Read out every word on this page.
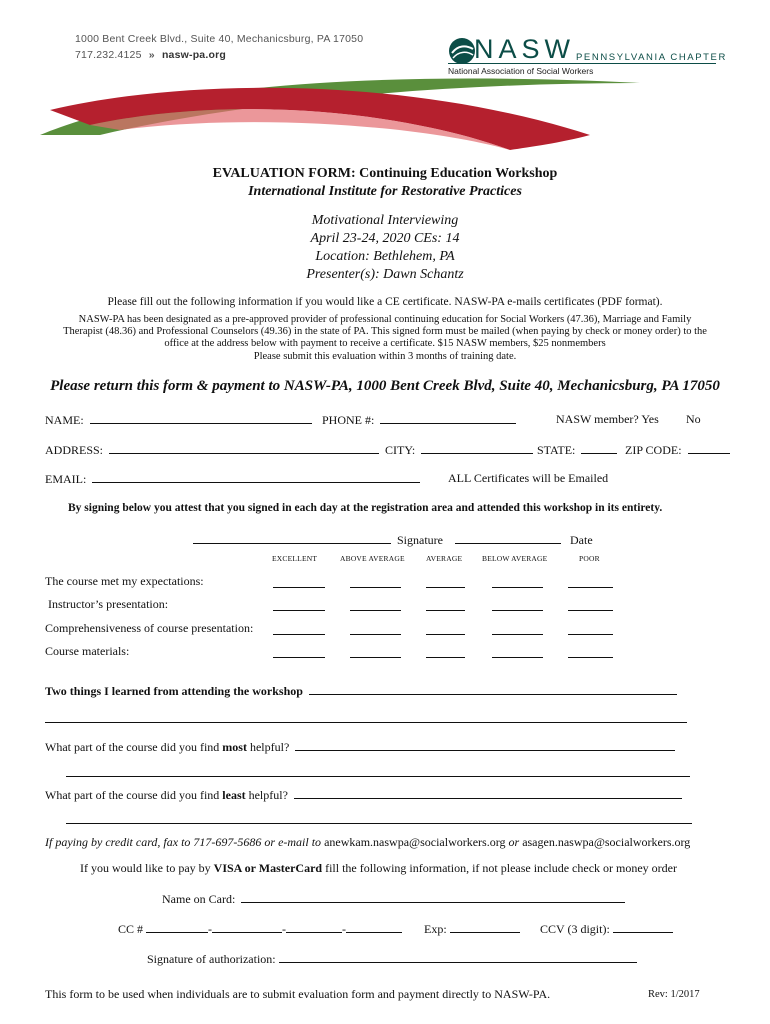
1000 Bent Creek Blvd., Suite 40, Mechanicsburg, PA 17050
717.232.4125 » nasw-pa.org	NASW PENNSYLVANIA CHAPTER
National Association of Social Workers
EVALUATION FORM: Continuing Education Workshop
International Institute for Restorative Practices
Motivational Interviewing
April 23-24, 2020 CEs: 14
Location: Bethlehem, PA
Presenter(s): Dawn Schantz
Please fill out the following information if you would like a CE certificate. NASW-PA e-mails certificates (PDF format).
NASW-PA has been designated as a pre-approved provider of professional continuing education for Social Workers (47.36), Marriage and Family
Therapist (48.36) and Professional Counselors (49.36) in the state of PA. This signed form must be mailed (when paying by check or money order) to the
office at the address below with payment to receive a certificate. $15 NASW members, $25 nonmembers
Please submit this evaluation within 3 months of training date.
Please return this form & payment to NASW-PA, 1000 Bent Creek Blvd, Suite 40, Mechanicsburg, PA 17050
NAME:	PHONE #:	NASW member? Yes No
ADDRESS:	CITY:	STATE:	ZIP CODE:
EMAIL:	ALL Certificates will be Emailed
By signing below you attest that you signed in each day at the registration area and attended this workshop in its entirety.
Signature	Date
EXCELLENT	ABOVE AVERAGE	AVERAGE	BELOW AVERAGE	POOR
The course met my expectations:
Instructor’s presentation:
Comprehensiveness of course presentation:
Course materials:
Two things I learned from attending the workshop
What part of the course did you find most helpful?
What part of the course did you find least helpful?
If paying by credit card, fax to 717-697-5686 or e-mail to anewkam.naswpa@socialworkers.org or asagen.naswpa@socialworkers.org
If you would like to pay by VISA or MasterCard fill the following information, if not please include check or money order
Name on Card:
CC #	-	-	-	Exp:	CCV (3 digit):
Signature of authorization:
This form to be used when individuals are to submit evaluation form and payment directly to NASW-PA.	Rev: 1/2017
